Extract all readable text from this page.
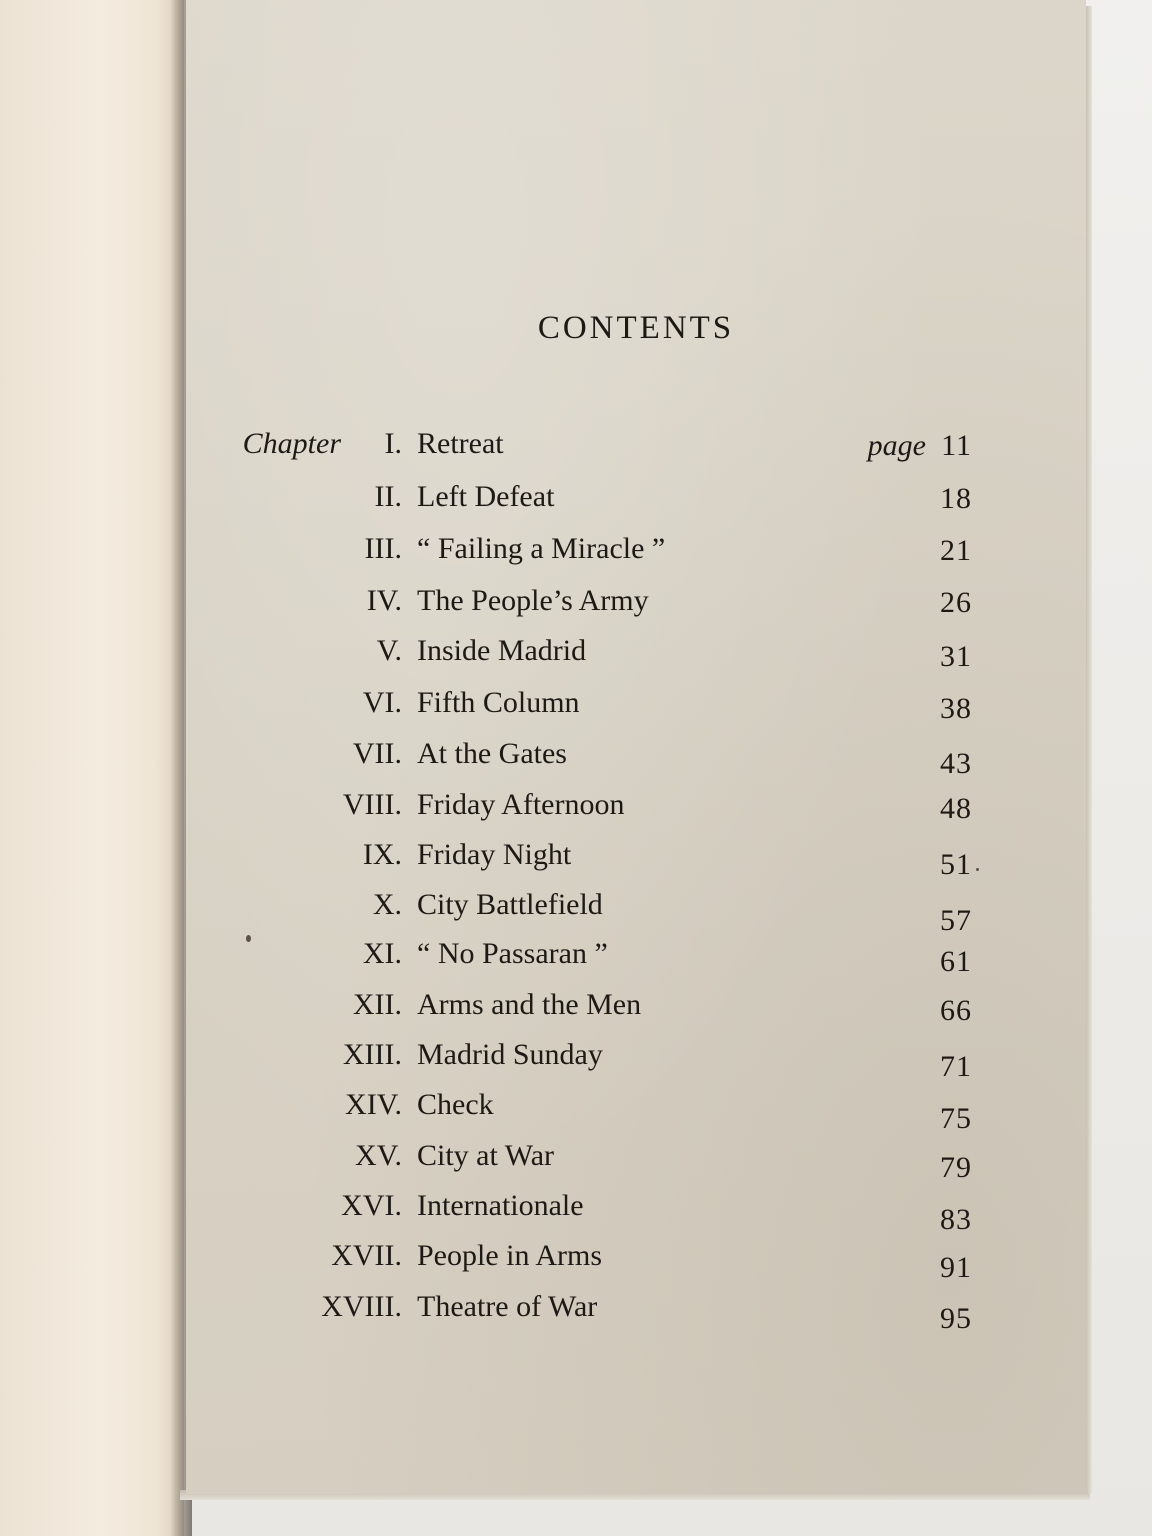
CONTENTS
Chapter	page
I. Retreat	11
II. Left Defeat	18
III. “ Failing a Miracle ”	21
IV. The People’s Army	26
V. Inside Madrid	31
VI. Fifth Column	38
VII. At the Gates	43
VIII. Friday Afternoon	48
IX. Friday Night	51
X. City Battlefield	57
XI. “ No Passaran ”	61
XII. Arms and the Men	66
XIII. Madrid Sunday	71
XIV. Check	75
XV. City at War	79
XVI. Internationale	83
XVII. People in Arms	91
XVIII. Theatre of War	95
